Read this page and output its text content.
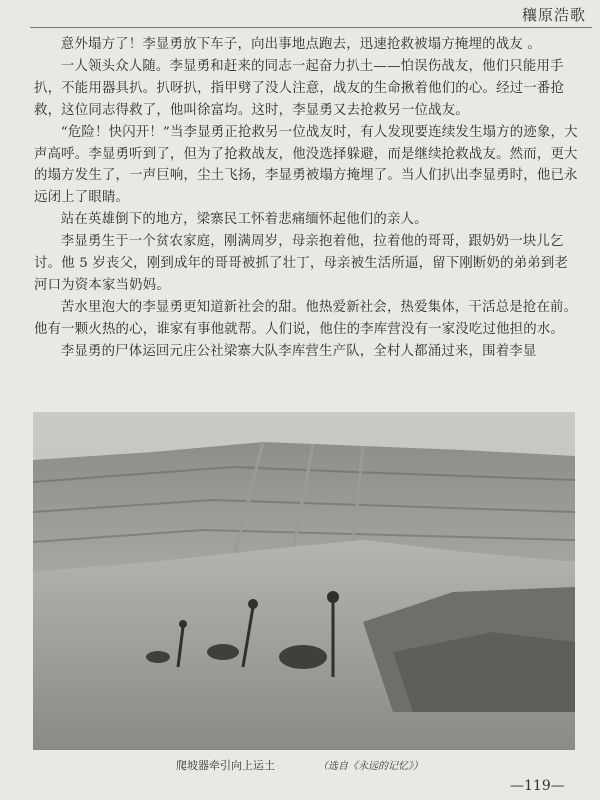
穰原浩歌

意外塌方了！李显勇放下车子，向出事地点跑去，迅速抢救被塌方掩埋的战友 。

一人领头众人随。李显勇和赶来的同志一起奋力扒土——怕误伤战友，他们只能用手扒，不能用器具扒。扒呀扒，指甲劈了没人注意，战友的生命揪着他们的心。经过一番抢救，这位同志得救了，他叫徐富均。这时，李显勇又去抢救另一位战友。

“危险！快闪开！”当李显勇正抢救另一位战友时，有人发现要连续发生塌方的迹象，大声高呼。李显勇听到了，但为了抢救战友，他没选择躲避，而是继续抢救战友。然而，更大的塌方发生了，一声巨响，尘土飞扬，李显勇被塌方掩埋了。当人们扒出李显勇时，他已永远闭上了眼睛。

站在英雄倒下的地方，梁寨民工怀着悲痛缅怀起他们的亲人。

李显勇生于一个贫农家庭，刚满周岁，母亲抱着他，拉着他的哥哥，跟奶奶一块儿乞讨。他 5 岁丧父，刚到成年的哥哥被抓了壮丁，母亲被生活所逼，留下刚断奶的弟弟到老河口为资本家当奶妈。

苦水里泡大的李显勇更知道新社会的甜。他热爱新社会，热爱集体，干活总是抢在前。他有一颗火热的心，谁家有事他就帮。人们说，他住的李库营没有一家没吃过他担的水。

李显勇的尸体运回元庄公社梁寨大队李库营生产队，全村人都涌过来，围着李显

爬坡器牵引向上运土	（选自《永远的记忆》）
—119—
